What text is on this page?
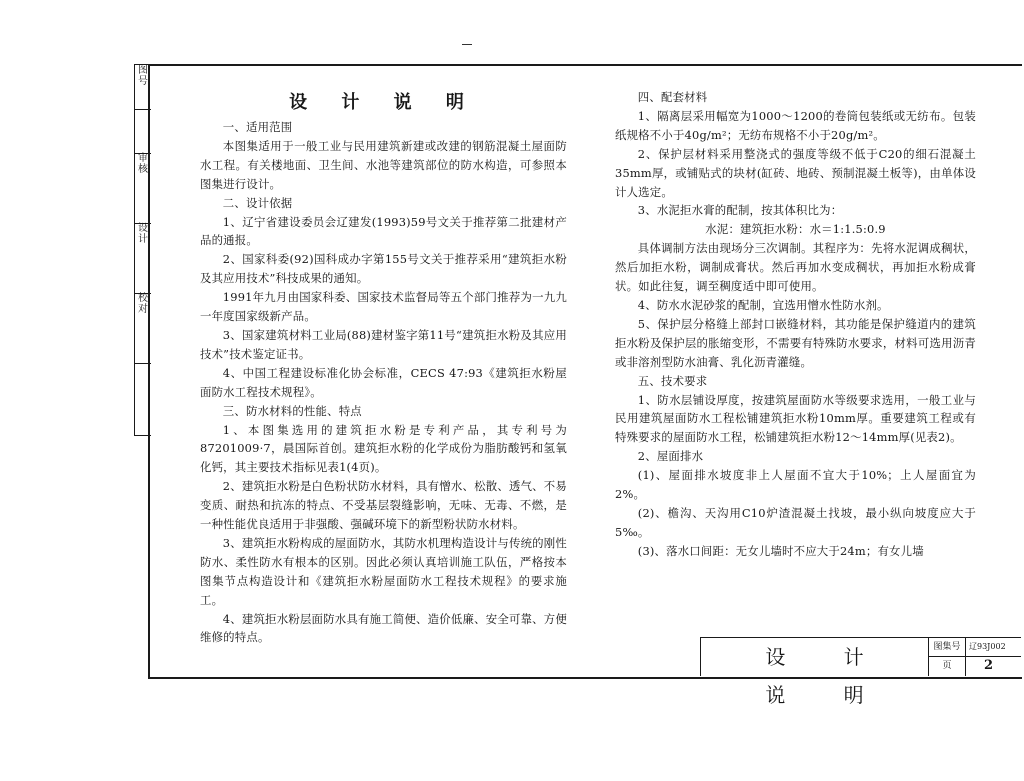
图
号
审
核
设
计
校
对
设 计 说 明

一、适用范围

本图集适用于一般工业与民用建筑新建或改建的钢筋混凝土屋面防水工程。有关楼地面、卫生间、水池等建筑部位的防水构造，可参照本图集进行设计。

二、设计依据

1、辽宁省建设委员会辽建发(1993)59号文关于推荐第二批建材产品的通报。

2、国家科委(92)国科成办字第155号文关于推荐采用“建筑拒水粉及其应用技术”科技成果的通知。

1991年九月由国家科委、国家技术监督局等五个部门推荐为一九九一年度国家级新产品。

3、国家建筑材料工业局(88)建材鉴字第11号“建筑拒水粉及其应用技术”技术鉴定证书。

4、中国工程建设标准化协会标准，CECS 47:93《建筑拒水粉屋面防水工程技术规程》。

三、防水材料的性能、特点

1、本图集选用的建筑拒水粉是专利产品，其专利号为87201009·7，晨国际首创。建筑拒水粉的化学成份为脂肪酸钙和氢氧化钙，其主要技术指标见表1(4页)。

2、建筑拒水粉是白色粉状防水材料，具有憎水、松散、透气、不易变质、耐热和抗冻的特点、不受基层裂缝影响，无味、无毒、不燃，是一种性能优良适用于非强酸、强碱环境下的新型粉状防水材料。

3、建筑拒水粉构成的屋面防水，其防水机理构造设计与传统的刚性防水、柔性防水有根本的区别。因此必须认真培训施工队伍，严格按本图集节点构造设计和《建筑拒水粉屋面防水工程技术规程》的要求施工。

4、建筑拒水粉层面防水具有施工简便、造价低廉、安全可靠、方便维修的特点。

四、配套材料

1、隔离层采用幅宽为1000～1200的卷筒包装纸或无纺布。包装纸规格不小于40g/m²；无纺布规格不小于20g/m²。

2、保护层材料采用整浇式的强度等级不低于C20的细石混凝土35mm厚，或铺贴式的块材(缸砖、地砖、预制混凝土板等)，由单体设计人选定。

3、水泥拒水膏的配制，按其体积比为：

水泥：建筑拒水粉：水＝1:1.5:0.9

具体调制方法由现场分三次调制。其程序为：先将水泥调成稠状，然后加拒水粉，调制成膏状。然后再加水变成稠状，再加拒水粉成膏状。如此往复，调至稠度适中即可使用。

4、防水水泥砂浆的配制，宜选用憎水性防水剂。

5、保护层分格缝上部封口嵌缝材料，其功能是保护缝道内的建筑拒水粉及保护层的胀缩变形，不需要有特殊防水要求，材料可选用沥青或非溶剂型防水油膏、乳化沥青灌缝。

五、技术要求

1、防水层铺设厚度，按建筑屋面防水等级要求选用，一般工业与民用建筑屋面防水工程松铺建筑拒水粉10mm厚。重要建筑工程或有特殊要求的屋面防水工程，松铺建筑拒水粉12～14mm厚(见表2)。

2、屋面排水

(1)、屋面排水坡度非上人屋面不宜大于10%；上人屋面宜为2%。

(2)、檐沟、天沟用C10炉渣混凝土找坡，最小纵向坡度应大于5‰。

(3)、落水口间距：无女儿墙时不应大于24m；有女儿墙

设 计 说 明
图集号	辽93J002
页	2
